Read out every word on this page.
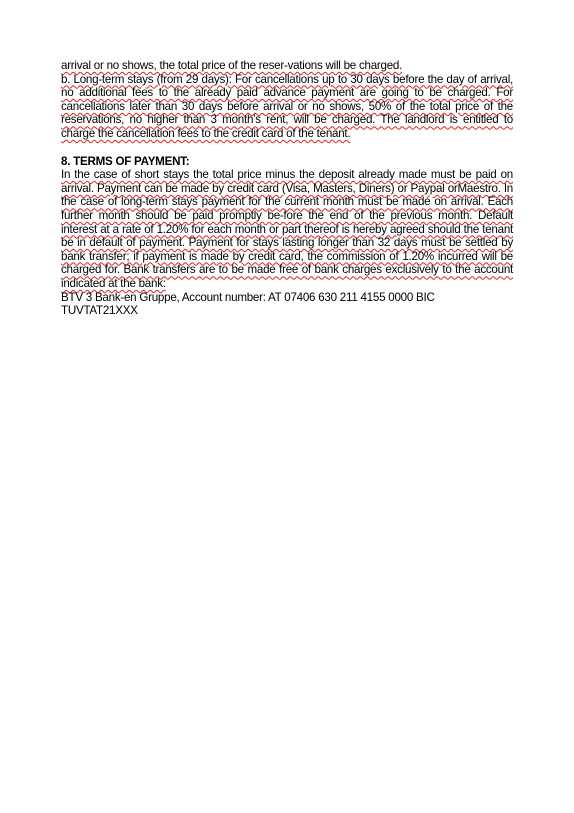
arrival or no shows, the total price of the reser-vations will be charged.

b. Long-term stays (from 29 days): For cancellations up to 30 days before the day of arrival, no additional fees to the already paid advance payment are going to be charged. For cancellations later than 30 days before arrival or no shows, 50% of the total price of the reservations, no higher than 3 month’s rent, will be charged. The landlord is entitled to charge the cancellation fees to the credit card of the tenant.

8. TERMS OF PAYMENT:

In the case of short stays the total price minus the deposit already made must be paid on arrival. Payment can be made by credit card (Visa, Masters, Diners) or Paypal orMaestro. In the case of long-term stays payment for the current month must be made on arrival. Each further month should be paid promptly be-fore the end of the previous month. Default interest at a rate of 1.20% for each month or part thereof is hereby agreed should the tenant be in default of payment. Payment for stays lasting longer than 32 days must be settled by bank transfer; if payment is made by credit card, the commission of 1.20% incurred will be charged for. Bank transfers are to be made free of bank charges exclusively to the account indicated at the bank:

BTV 3 Bank-en Gruppe, Account number: AT 07406 630 211 4155 0000 BIC

TUVTAT21XXX
